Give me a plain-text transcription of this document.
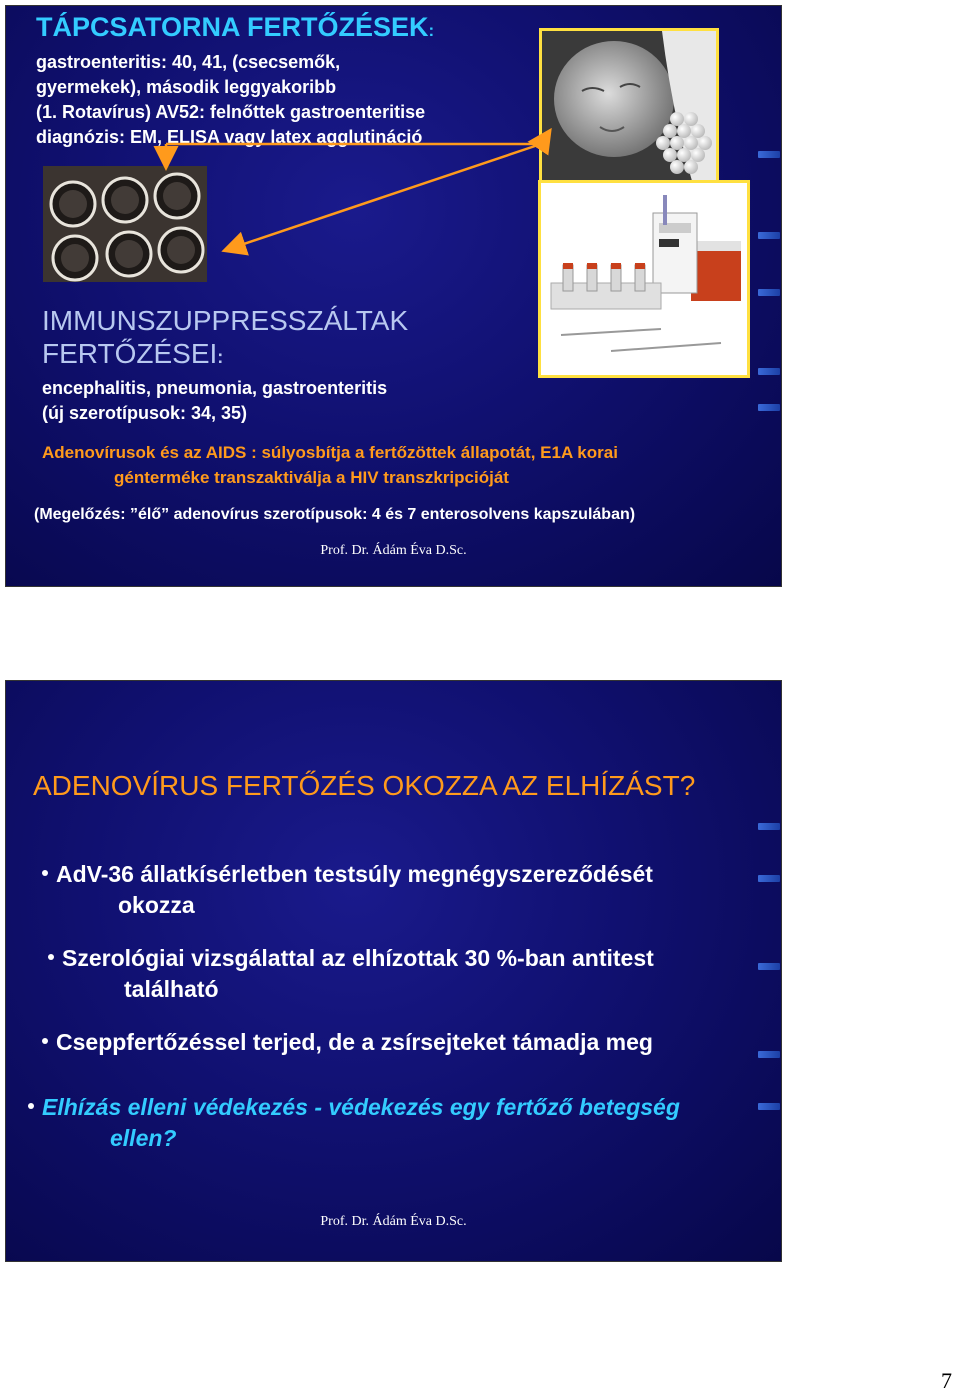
TÁPCSATORNA FERTŐZÉSEK:
gastroenteritis: 40, 41, (csecsemők,
gyermekek), második leggyakoribb
(1. Rotavírus) AV52: felnőttek gastroenteritise
diagnózis: EM, ELISA vagy latex agglutináció
IMMUNSZUPPRESSZÁLTAK
FERTŐZÉSEI:
encephalitis, pneumonia, gastroenteritis
(új szerotípusok: 34, 35)
Adenovírusok és az AIDS : súlyosbítja a fertőzöttek állapotát, E1A korai
génterméke transzaktiválja a HIV transzkripcióját
(Megelőzés: ”élő” adenovírus szerotípusok: 4 és 7 enterosolvens kapszulában)
Prof. Dr. Ádám Éva D.Sc.
ADENOVÍRUS FERTŐZÉS OKOZZA AZ ELHÍZÁST?
AdV-36 állatkísérletben testsúly megnégyszereződését
okozza
Szerológiai vizsgálattal az elhízottak 30 %-ban antitest
található
Cseppfertőzéssel terjed, de a zsírsejteket támadja meg
Elhízás elleni védekezés - védekezés egy fertőző betegség
ellen?
Prof. Dr. Ádám Éva D.Sc.
7
